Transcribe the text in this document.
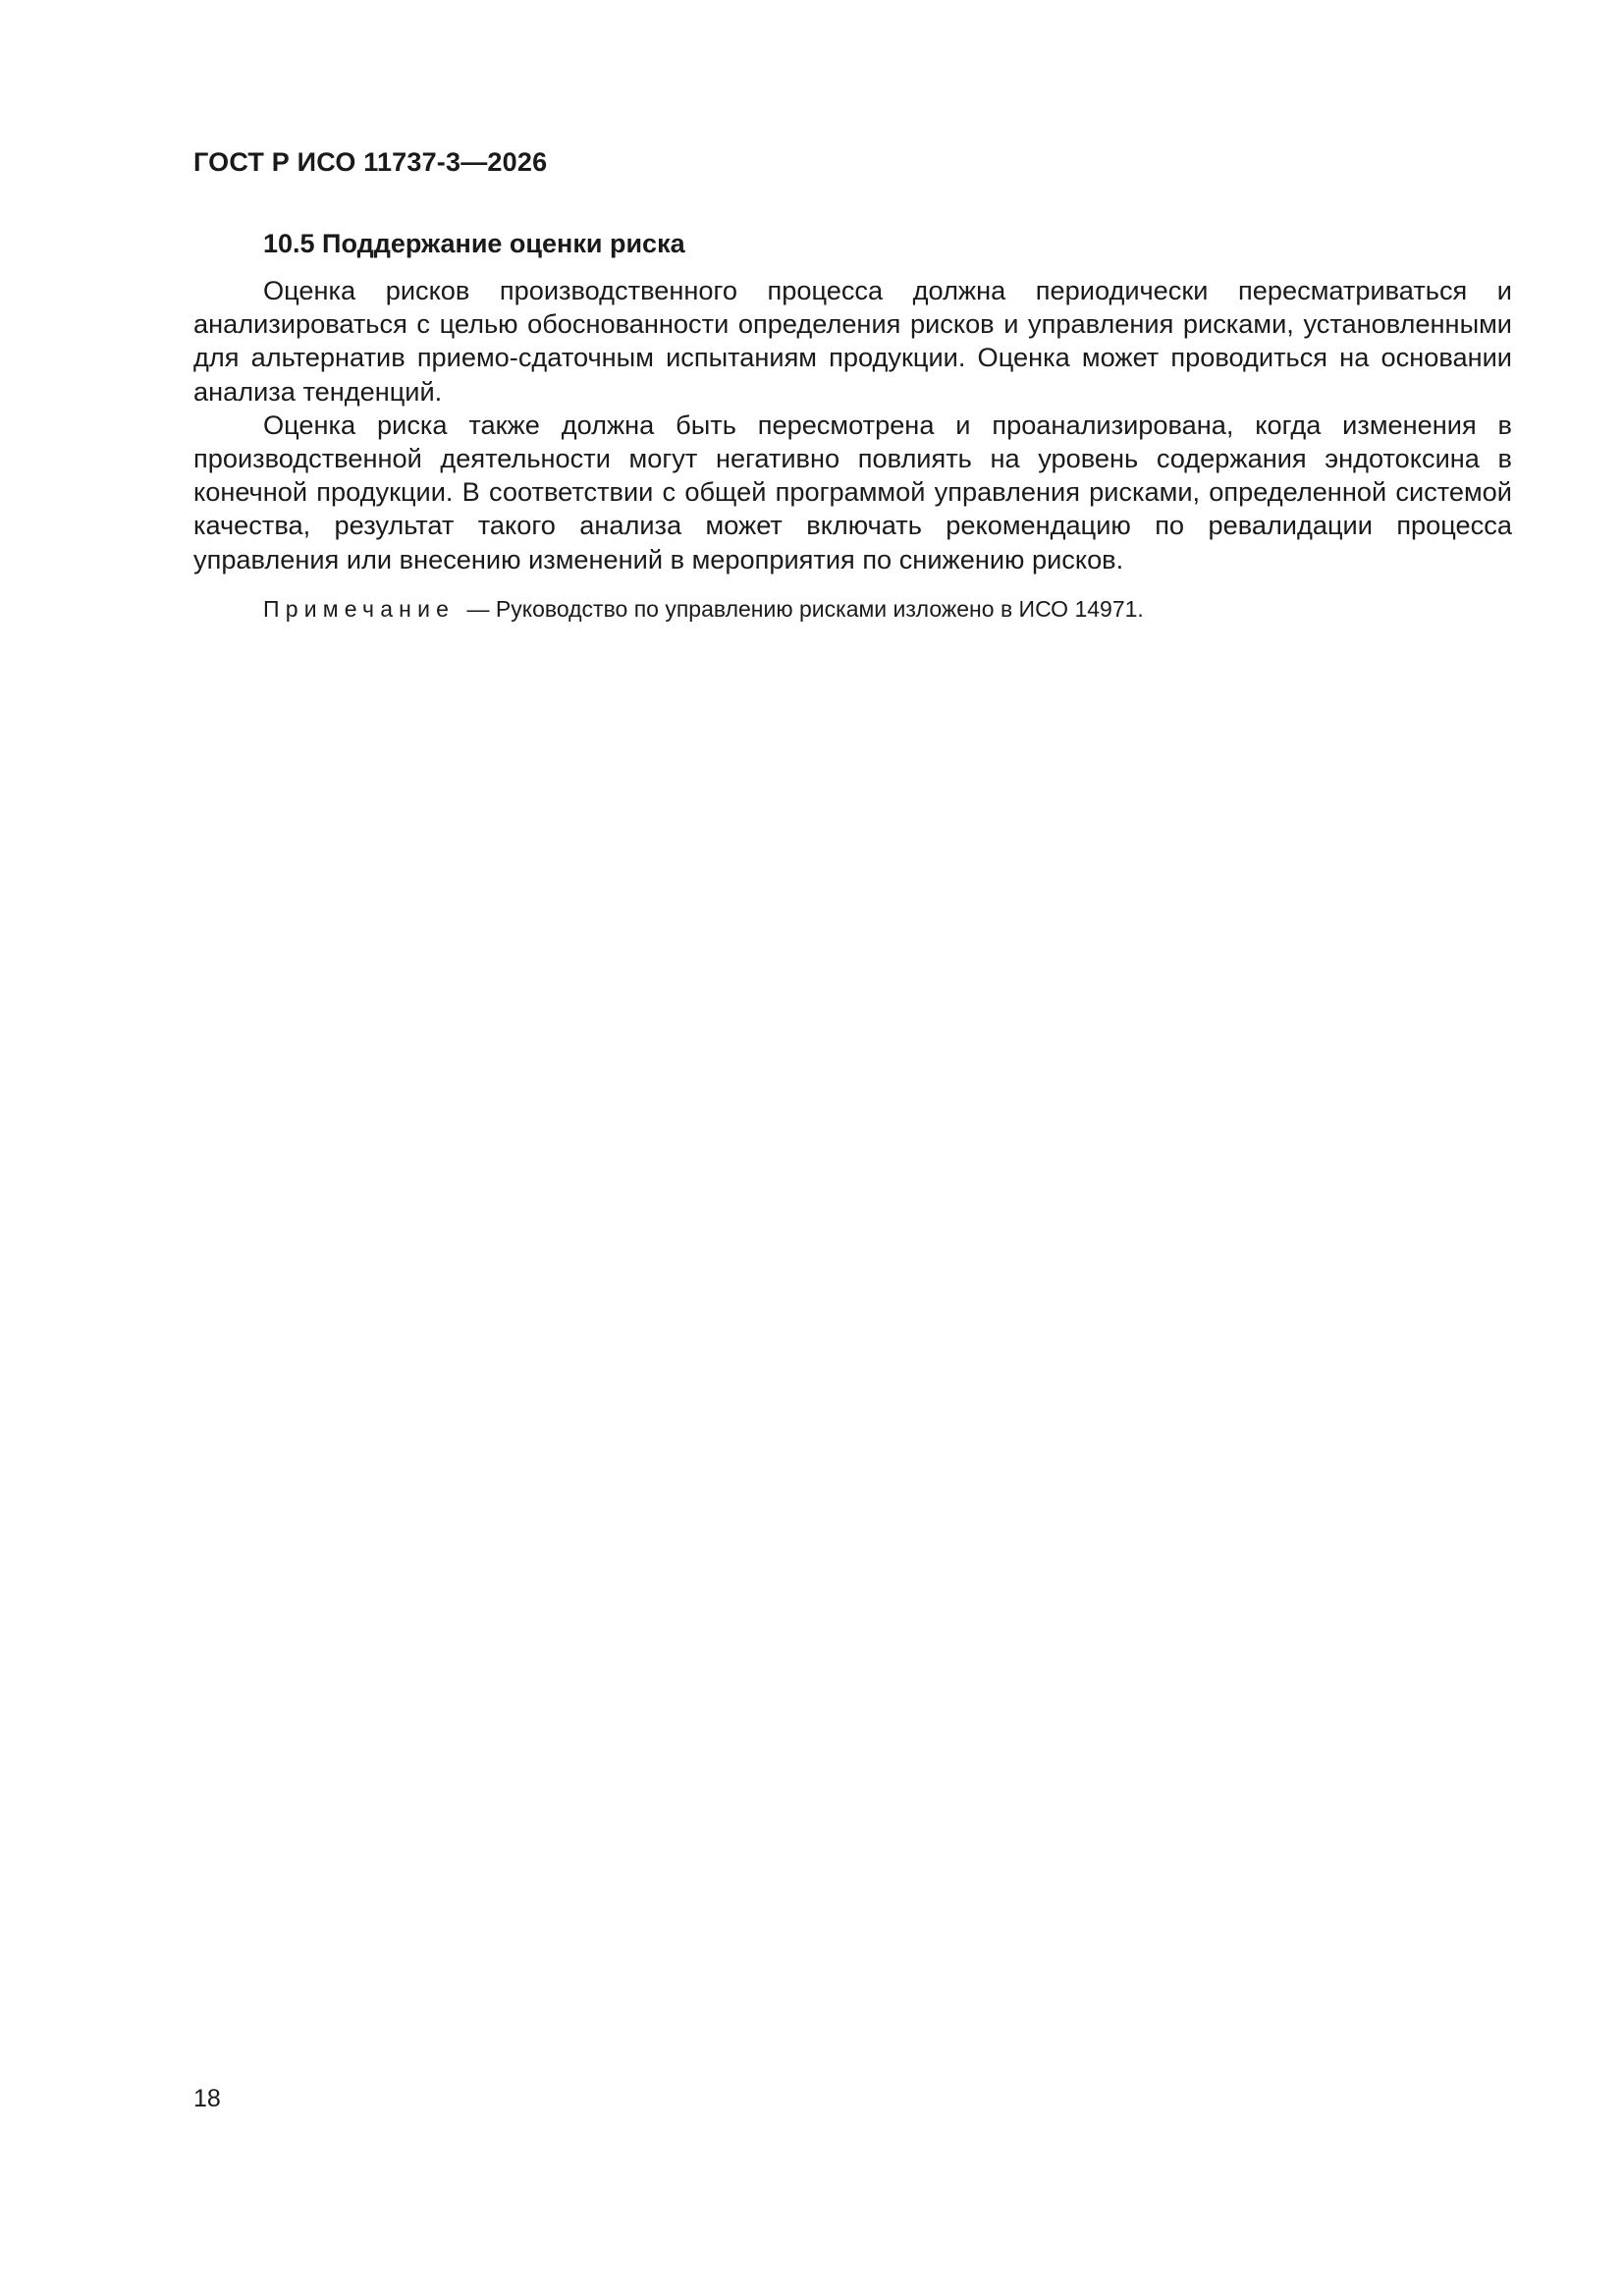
ГОСТ Р ИСО 11737-3—2026

10.5 Поддержание оценки риска

Оценка рисков производственного процесса должна периодически пересматриваться и анализироваться с целью обоснованности определения рисков и управления рисками, установленными для альтернатив приемо-сдаточным испытаниям продукции. Оценка может проводиться на основании анализа тенденций.

Оценка риска также должна быть пересмотрена и проанализирована, когда изменения в производственной деятельности могут негативно повлиять на уровень содержания эндотоксина в конечной продукции. В соответствии с общей программой управления рисками, определенной системой качества, результат такого анализа может включать рекомендацию по ревалидации процесса управления или внесению изменений в мероприятия по снижению рисков.

Примечание — Руководство по управлению рисками изложено в ИСО 14971.

18
